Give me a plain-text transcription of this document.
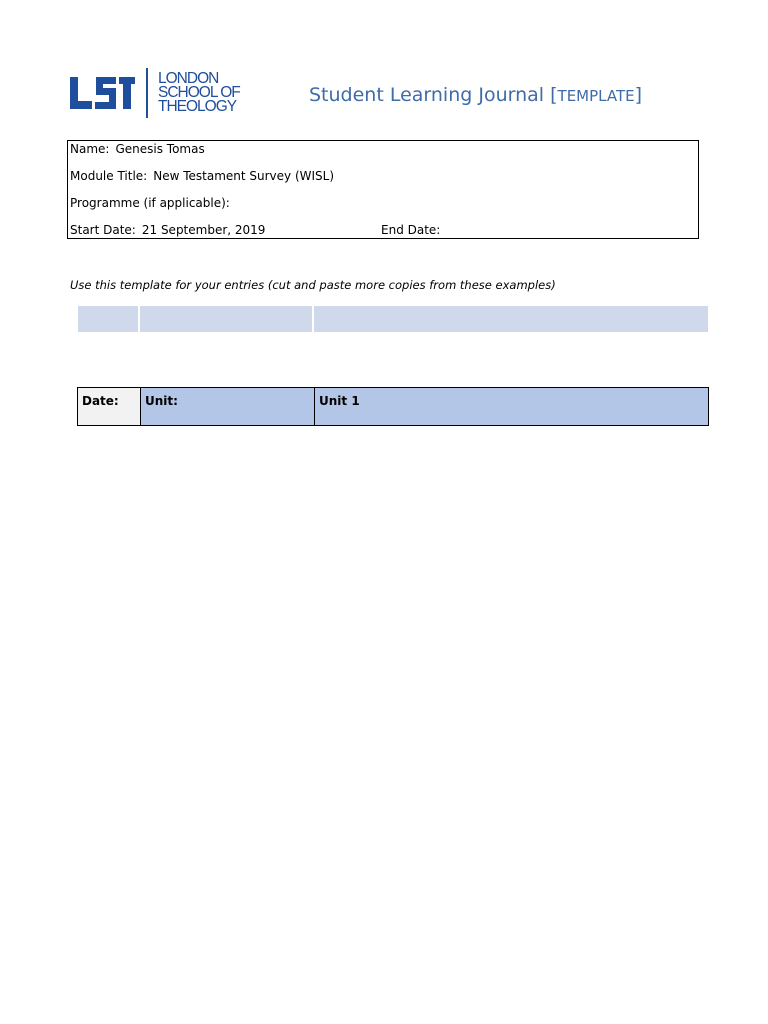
LONDON
SCHOOL OF
THEOLOGY
Student Learning Journal [TEMPLATE]
Name: Genesis Tomas
Module Title: New Testament Survey (WISL)
Programme (if applicable):
Start Date: 21 September, 2019	End Date:
Use this template for your entries (cut and paste more copies from these examples)
Date:	Unit:	Unit 1
